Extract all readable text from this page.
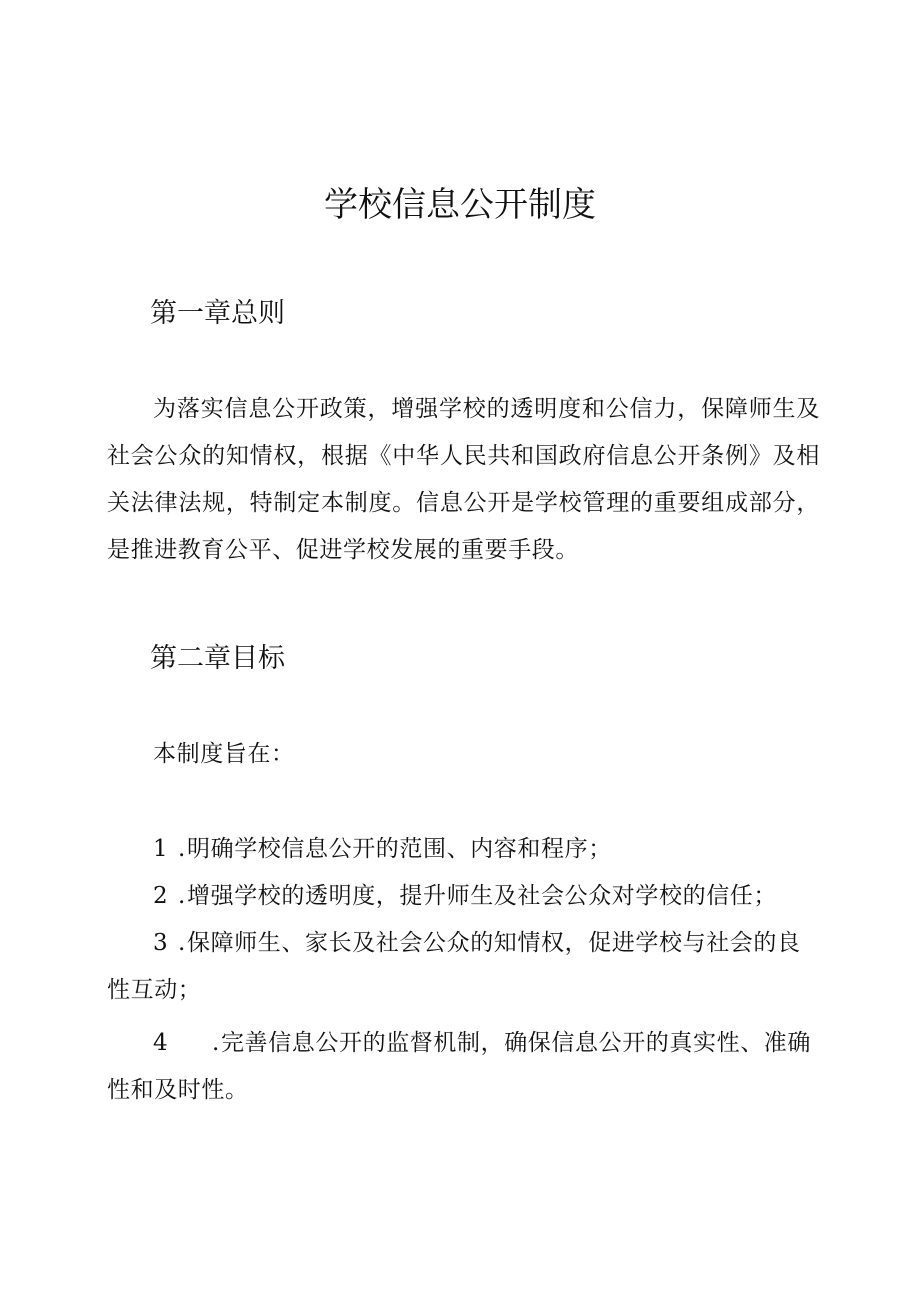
学校信息公开制度
第一章总则
为落实信息公开政策，增强学校的透明度和公信力，保障师生及社会公众的知情权，根据《中华人民共和国政府信息公开条例》及相关法律法规，特制定本制度。信息公开是学校管理的重要组成部分，是推进教育公平、促进学校发展的重要手段。
第二章目标
本制度旨在：
1 .明确学校信息公开的范围、内容和程序；
2 .增强学校的透明度，提升师生及社会公众对学校的信任；
3 .保障师生、家长及社会公众的知情权，促进学校与社会的良性互动；
4 .完善信息公开的监督机制，确保信息公开的真实性、准确性和及时性。
